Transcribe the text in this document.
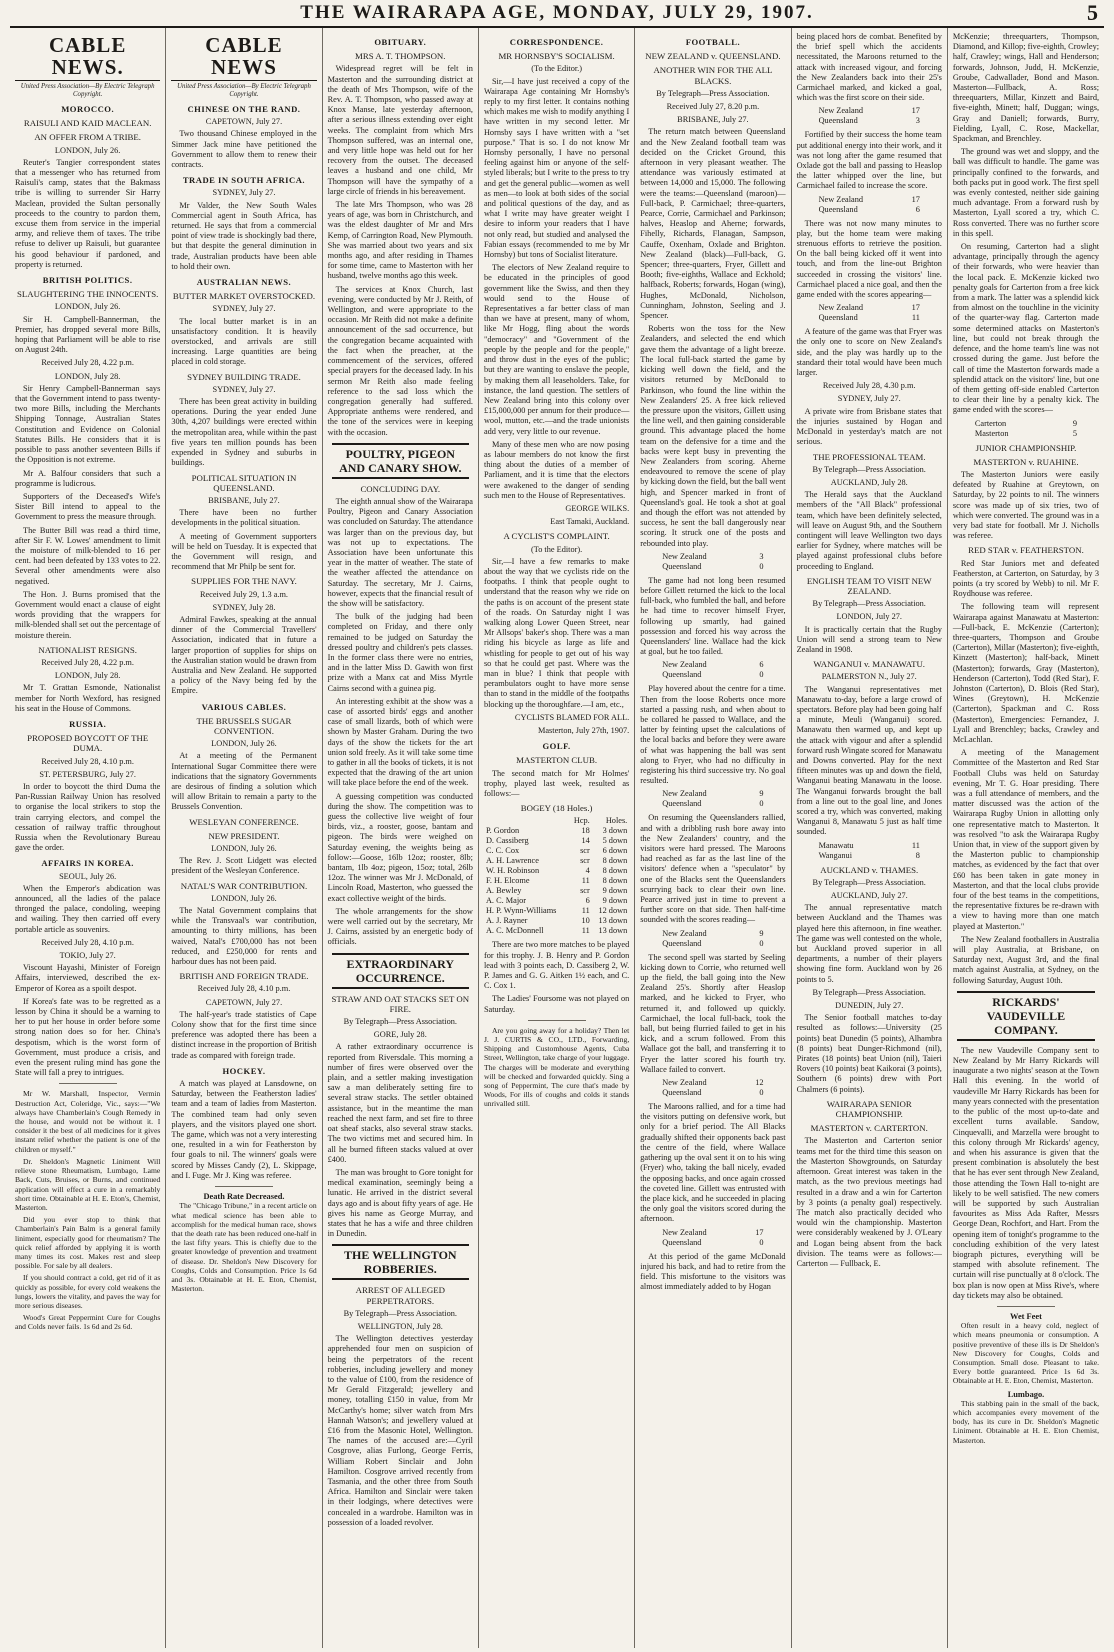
THE WAIRARAPA AGE, MONDAY, JULY 29, 1907.	5
CABLE NEWS.
United Press Association—By Electric Telegraph Copyright.
MOROCCO.
RAISULI AND KAID MACLEAN.
AN OFFER FROM A TRIBE.
LONDON, July 26.

Reuter's Tangier correspondent states that a messenger who has returned from Raisuli's camp, states that the Bakmass tribe is willing to surrender Sir Harry Maclean, provided the Sultan personally proceeds to the country to pardon them, excuse them from service in the imperial army, and relieve them of taxes. The tribe refuse to deliver up Raisuli, but guarantee his good behaviour if pardoned, and property is returned.

BRITISH POLITICS.
SLAUGHTERING THE INNOCENTS.
LONDON, July 26.

Sir H. Campbell-Bannerman, the Premier, has dropped several more Bills, hoping that Parliament will be able to rise on August 24th.

Received July 28, 4.22 p.m.
LONDON, July 28.

Sir Henry Campbell-Bannerman says that the Government intend to pass twenty-two more Bills, including the Merchants Shipping Tonnage, Australian States Constitution and Evidence on Colonial Statutes Bills. He considers that it is possible to pass another seventeen Bills if the Opposition is not extreme.

Mr A. Balfour considers that such a programme is ludicrous.

Supporters of the Deceased's Wife's Sister Bill intend to appeal to the Government to press the measure through.

The Butter Bill was read a third time, after Sir F. W. Lowes' amendment to limit the moisture of milk-blended to 16 per cent. had been defeated by 133 votes to 22. Several other amendments were also negatived.

The Hon. J. Burns promised that the Government would enact a clause of eight words providing that the wrappers for milk-blended shall set out the percentage of moisture therein.

NATIONALIST RESIGNS.
Received July 28, 4.22 p.m.
LONDON, July 28.

Mr T. Grattan Esmonde, Nationalist member for North Wexford, has resigned his seat in the House of Commons.

RUSSIA.
PROPOSED BOYCOTT OF THE DUMA.
Received July 28, 4.10 p.m.
ST. PETERSBURG, July 27.

In order to boycott the third Duma the Pan-Russian Railway Union has resolved to organise the local strikers to stop the train carrying electors, and compel the cessation of railway traffic throughout Russia when the Revolutionary Bureau gave the order.

AFFAIRS IN KOREA.
SEOUL, July 26.

When the Emperor's abdication was announced, all the ladies of the palace thronged the palace, condoling, weeping and wailing. They then carried off every portable article as souvenirs.

Received July 28, 4.10 p.m.
TOKIO, July 27.

Viscount Hayashi, Minister of Foreign Affairs, interviewed, described the ex-Emperor of Korea as a spoilt despot.

If Korea's fate was to be regretted as a lesson by China it should be a warning to her to put her house in order before some strong nation does so for her. China's despotism, which is the worst form of Government, must produce a crisis, and even the present ruling mind has gone the State will fall a prey to intrigues.

Mr W. Marshall, Inspector, Vermin Destruction Act, Coleridge, Vic., says:—"We always have Chamberlain's Cough Remedy in the house, and would not be without it. I consider it the best of all medicines for it gives instant relief whether the patient is one of the children or myself."

Dr. Sheldon's Magnetic Liniment Will relieve stone Rheumatism, Lumbago, Lame Back, Cuts, Bruises, or Burns, and continued application will effect a cure in a remarkably short time. Obtainable at H. E. Eton's, Chemist, Masterton.

Did you ever stop to think that Chamberlain's Pain Balm is a general family liniment, especially good for rheumatism? The quick relief afforded by applying it is worth many times its cost. Makes rest and sleep possible. For sale by all dealers.

If you should contract a cold, get rid of it as quickly as possible, for every cold weakens the lungs, lowers the vitality, and paves the way for more serious diseases.

Wood's Great Peppermint Cure for Coughs and Colds never fails. 1s 6d and 2s 6d.

CABLE NEWS
United Press Association—By Electric Telegraph Copyright.
CHINESE ON THE RAND.
CAPETOWN, July 27.

Two thousand Chinese employed in the Simmer Jack mine have petitioned the Government to allow them to renew their contracts.

TRADE IN SOUTH AFRICA.
SYDNEY, July 27.

Mr Valder, the New South Wales Commercial agent in South Africa, has returned. He says that from a commercial point of view trade is shockingly bad there, but that despite the general diminution in trade, Australian products have been able to hold their own.

AUSTRALIAN NEWS.
BUTTER MARKET OVERSTOCKED.
SYDNEY, July 27.

The local butter market is in an unsatisfactory condition. It is heavily overstocked, and arrivals are still increasing. Large quantities are being placed in cold storage.

SYDNEY BUILDING TRADE.
SYDNEY, July 27.

There has been great activity in building operations. During the year ended June 30th, 4,207 buildings were erected within the metropolitan area, while within the past five years ten million pounds has been expended in Sydney and suburbs in buildings.

POLITICAL SITUATION IN QUEENSLAND.
BRISBANE, July 27.

There have been no further developments in the political situation.

A meeting of Government supporters will be held on Tuesday. It is expected that the Government will resign, and recommend that Mr Philp be sent for.

SUPPLIES FOR THE NAVY.
Received July 29, 1.3 a.m.
SYDNEY, July 28.

Admiral Fawkes, speaking at the annual dinner of the Commercial Travellers' Association, indicated that in future a larger proportion of supplies for ships on the Australian station would be drawn from Australia and New Zealand. He supported a policy of the Navy being fed by the Empire.

VARIOUS CABLES.
THE BRUSSELS SUGAR CONVENTION.
LONDON, July 26.

At a meeting of the Permanent International Sugar Committee there were indications that the signatory Governments are desirous of finding a solution which will allow Britain to remain a party to the Brussels Convention.

WESLEYAN CONFERENCE.
NEW PRESIDENT.
LONDON, July 26.

The Rev. J. Scott Lidgett was elected president of the Wesleyan Conference.

NATAL'S WAR CONTRIBUTION.
LONDON, July 26.

The Natal Government complains that while the Transvaal's war contribution, amounting to thirty millions, has been waived, Natal's £700,000 has not been reduced, and £250,000 for rents and harbour dues has not been paid.

BRITISH AND FOREIGN TRADE.
Received July 28, 4.10 p.m.
CAPETOWN, July 27.

The half-year's trade statistics of Cape Colony show that for the first time since preference was adopted there has been a distinct increase in the proportion of British trade as compared with foreign trade.

HOCKEY.

A match was played at Lansdowne, on Saturday, between the Featherston ladies' team and a team of ladies from Masterton. The combined team had only seven players, and the visitors played one short. The game, which was not a very interesting one, resulted in a win for Featherston by four goals to nil. The winners' goals were scored by Misses Candy (2), L. Skippage, and I. Fuge. Mr J. King was referee.

Death Rate Decreased.

The "Chicago Tribune," in a recent article on what medical science has been able to accomplish for the medical human race, shows that the death rate has been reduced one-half in the last fifty years. This is chiefly due to the greater knowledge of prevention and treatment of disease. Dr. Sheldon's New Discovery for Coughs, Colds and Consumption. Price 1s 6d and 3s. Obtainable at H. E. Eton, Chemist, Masterton.

OBITUARY.
MRS A. T. THOMPSON.

Widespread regret will be felt in Masterton and the surrounding district at the death of Mrs Thompson, wife of the Rev. A. T. Thompson, who passed away at Knox Manse, late yesterday afternoon, after a serious illness extending over eight weeks. The complaint from which Mrs Thompson suffered, was an internal one, and very little hope was held out for her recovery from the outset. The deceased leaves a husband and one child, Mr Thompson will have the sympathy of a large circle of friends in his bereavement.

The late Mrs Thompson, who was 28 years of age, was born in Christchurch, and was the eldest daughter of Mr and Mrs Kemp, of Carrington Road, New Plymouth. She was married about two years and six months ago, and after residing in Thames for some time, came to Masterton with her husband, twelve months ago this week.

The services at Knox Church, last evening, were conducted by Mr J. Reith, of Wellington, and were appropriate to the occasion. Mr Reith did not make a definite announcement of the sad occurrence, but the congregation became acquainted with the fact when the preacher, at the commencement of the services, offered special prayers for the deceased lady. In his sermon Mr Reith also made feeling reference to the sad loss which the congregation generally had suffered. Appropriate anthems were rendered, and the tone of the services were in keeping with the occasion.

POULTRY, PIGEON AND CANARY SHOW.
CONCLUDING DAY.

The eighth annual show of the Wairarapa Poultry, Pigeon and Canary Association was concluded on Saturday. The attendance was larger than on the previous day, but was not up to expectations. The Association have been unfortunate this year in the matter of weather. The state of the weather affected the attendance on Saturday. The secretary, Mr J. Cairns, however, expects that the financial result of the show will be satisfactory.

The bulk of the judging had been completed on Friday, and there only remained to be judged on Saturday the dressed poultry and children's pets classes. In the former class there were no entries, and in the latter Miss D. Gawith won first prize with a Manx cat and Miss Myrtle Cairns second with a guinea pig.

An interesting exhibit at the show was a case of assorted birds' eggs and another case of small lizards, both of which were shown by Master Graham. During the two days of the show the tickets for the art union sold freely. As it will take some time to gather in all the books of tickets, it is not expected that the drawing of the art union will take place before the end of the week.

A guessing competition was conducted during the show. The competition was to guess the collective live weight of four birds, viz., a rooster, goose, bantam and pigeon. The birds were weighed on Saturday evening, the weights being as follow:—Goose, 16lb 12oz; rooster, 8lb; bantam, 1lb 4oz; pigeon, 15oz; total, 26lb 12oz. The winner was Mr J. McDonald, of Lincoln Road, Masterton, who guessed the exact collective weight of the birds.

The whole arrangements for the show were well carried out by the secretary, Mr J. Cairns, assisted by an energetic body of officials.

EXTRAORDINARY OCCURRENCE.
STRAW AND OAT STACKS SET ON FIRE.
By Telegraph—Press Association.
GORE, July 28.

A rather extraordinary occurrence is reported from Riversdale. This morning a number of fires were observed over the plain, and a settler making investigation saw a man deliberately setting fire to several straw stacks. The settler obtained assistance, but in the meantime the man reached the next farm, and set fire to three oat sheaf stacks, also several straw stacks. The two victims met and secured him. In all he burned fifteen stacks valued at over £400.

The man was brought to Gore tonight for medical examination, seemingly being a lunatic. He arrived in the district several days ago and is about fifty years of age. He gives his name as George Murray, and states that he has a wife and three children in Dunedin.

THE WELLINGTON ROBBERIES.
ARREST OF ALLEGED PERPETRATORS.
By Telegraph—Press Association.
WELLINGTON, July 28.

The Wellington detectives yesterday apprehended four men on suspicion of being the perpetrators of the recent robberies, including jewellery and money to the value of £100, from the residence of Mr Gerald Fitzgerald; jewellery and money, totalling £150 in value, from Mr McCarthy's home; silver watch from Mrs Hannah Watson's; and jewellery valued at £16 from the Masonic Hotel, Wellington. The names of the accused are:—Cyril Cosgrove, alias Furlong, George Ferris, William Robert Sinclair and John Hamilton. Cosgrove arrived recently from Tasmania, and the other three from South Africa. Hamilton and Sinclair were taken in their lodgings, where detectives were concealed in a wardrobe. Hamilton was in possession of a loaded revolver.

CORRESPONDENCE.
MR HORNSBY'S SOCIALISM.
(To the Editor.)

Sir,—I have just received a copy of the Wairarapa Age containing Mr Hornsby's reply to my first letter. It contains nothing which makes me wish to modify anything I have written in my second letter. Mr Hornsby says I have written with a "set purpose." That is so. I do not know Mr Hornsby personally, I have no personal feeling against him or anyone of the self-styled liberals; but I write to the press to try and get the general public—women as well as men—to look at both sides of the social and political questions of the day, and as what I write may have greater weight I desire to inform your readers that I have not only read, but studied and analysed the Fabian essays (recommended to me by Mr Hornsby) but tons of Socialist literature.

The electors of New Zealand require to be educated in the principles of good government like the Swiss, and then they would send to the House of Representatives a far better class of man than we have at present, many of whom, like Mr Hogg, fling about the words "democracy" and "Government of the people by the people and for the people," and throw dust in the eyes of the public; but they are wanting to enslave the people, by making them all leaseholders. Take, for instance, the land question. The settlers of New Zealand bring into this colony over £15,000,000 per annum for their produce—wool, mutton, etc.—and the trade unionists add very, very little to our revenue.

Many of these men who are now posing as labour members do not know the first thing about the duties of a member of Parliament, and it is time that the electors were awakened to the danger of sending such men to the House of Representatives.

GEORGE WILKS.
East Tamaki, Auckland.
A CYCLIST'S COMPLAINT.
(To the Editor).

Sir,—I have a few remarks to make about the way that we cyclists ride on the footpaths. I think that people ought to understand that the reason why we ride on the paths is on account of the present state of the roads. On Saturday night I was walking along Lower Queen Street, near Mr Allsops' baker's shop. There was a man riding his bicycle as large as life and whistling for people to get out of his way so that he could get past. Where was the man in blue? I think that people with perambulators ought to have more sense than to stand in the middle of the footpaths blocking up the thoroughfare.—I am, etc.,

CYCLISTS BLAMED FOR ALL.
Masterton, July 27th, 1907.
GOLF.
MASTERTON CLUB.

The second match for Mr Holmes' trophy, played last week, resulted as follows:—

BOGEY (18 Holes.)
	Hcp.	Holes.
P. Gordon	18	3 down
D. Cassiberg	14	5 down
C. C. Cox	scr	6 down
A. H. Lawrence	scr	8 down
W. H. Robinson	4	8 down
F. H. Elcome	11	8 down
A. Bewley	scr	9 down
A. C. Major	6	9 down
H. P. Wynn-Williams	11	12 down
A. J. Rayner	10	13 down
A. C. McDonnell	11	13 down

There are two more matches to be played for this trophy. J. B. Henry and P. Gordon lead with 3 points each, D. Cassiberg 2, W. P. James and G. G. Aitken 1½ each, and C. C. Cox 1.

The Ladies' Foursome was not played on Saturday.

Are you going away for a holiday? Then let J. J. CURTIS & CO., LTD., Forwarding, Shipping and Customhouse Agents, Cuba Street, Wellington, take charge of your luggage. The charges will be moderate and everything will be checked and forwarded quickly. Sing a song of Peppermint, The cure that's made by Woods, For ills of coughs and colds it stands unrivalled still.

FOOTBALL.
NEW ZEALAND v. QUEENSLAND.
ANOTHER WIN FOR THE ALL BLACKS.
By Telegraph—Press Association.
Received July 27, 8.20 p.m.
BRISBANE, July 27.

The return match between Queensland and the New Zealand football team was decided on the Cricket Ground, this afternoon in very pleasant weather. The attendance was variously estimated at between 14,000 and 15,000. The following were the teams:—Queensland (maroon)—Full-back, P. Carmichael; three-quarters, Pearce, Corrie, Carmichael and Parkinson; halves, Heaslop and Aherne; forwards, Fihelly, Richards, Flanagan, Sampson, Cauffe, Oxenham, Oxlade and Brighton. New Zealand (black)—Full-back, G. Spencer; three-quarters, Fryer, Gillett and Booth; five-eighths, Wallace and Eckhold; halfback, Roberts; forwards, Hogan (wing), Hughes, McDonald, Nicholson, Cunningham, Johnston, Seeling and J. Spencer.

Roberts won the toss for the New Zealanders, and selected the end which gave them the advantage of a light breeze. The local full-back started the game by kicking well down the field, and the visitors returned by McDonald to Parkinson, who found the line within the New Zealanders' 25. A free kick relieved the pressure upon the visitors, Gillett using the line well, and then gaining considerable ground. This advantage placed the home team on the defensive for a time and the backs were kept busy in preventing the New Zealanders from scoring. Aherne endeavoured to remove the scene of play by kicking down the field, but the ball went high, and Spencer marked in front of Queensland's goal. He took a shot at goal and though the effort was not attended by success, he sent the ball dangerously near scoring. It struck one of the posts and rebounded into play.

New Zealand	3
Queensland	0

The game had not long been resumed before Gillett returned the kick to the local full-back, who fumbled the ball, and before he had time to recover himself Fryer, following up smartly, had gained possession and forced his way across the Queenslanders' line. Wallace had the kick at goal, but he too failed.

New Zealand	6
Queensland	0

Play hovered about the centre for a time. Then from the loose Roberts once more started a passing rush, and when about to be collared he passed to Wallace, and the latter by feinting upset the calculations of the local backs and before they were aware of what was happening the ball was sent along to Fryer, who had no difficulty in registering his third successive try. No goal resulted.

New Zealand	9
Queensland	0

On resuming the Queenslanders rallied, and with a dribbling rush bore away into the New Zealanders' country, and the visitors were hard pressed. The Maroons had reached as far as the last line of the visitors' defence when a "speculator" by one of the Blacks sent the Queenslanders scurrying back to clear their own line. Pearce arrived just in time to prevent a further score on that side. Then half-time sounded with the scores reading—

New Zealand	9
Queensland	0

The second spell was started by Seeling kicking down to Corrie, who returned well up the field, the ball going into the New Zealand 25's. Shortly after Heaslop marked, and he kicked to Fryer, who returned it, and followed up quickly. Carmichael, the local full-back, took the ball, but being flurried failed to get in his kick, and a scrum followed. From this Wallace got the ball, and transferring it to Fryer the latter scored his fourth try. Wallace failed to convert.

New Zealand	12
Queensland	0

The Maroons rallied, and for a time had the visitors putting on defensive work, but only for a brief period. The All Blacks gradually shifted their opponents back past the centre of the field, where Wallace gathering up the oval sent it on to his wing (Fryer) who, taking the ball nicely, evaded the opposing backs, and once again crossed the coveted line. Gillett was entrusted with the place kick, and he succeeded in placing the only goal the visitors scored during the afternoon.

New Zealand	17
Queensland	0

At this period of the game McDonald injured his back, and had to retire from the field. This misfortune to the visitors was almost immediately added to by Hogan

being placed hors de combat. Benefited by the brief spell which the accidents necessitated, the Maroons returned to the attack with increased vigour, and forcing the New Zealanders back into their 25's Carmichael marked, and kicked a goal, which was the first score on their side.

New Zealand	17
Queensland	3

Fortified by their success the home team put additional energy into their work, and it was not long after the game resumed that Oxlade got the ball and passing to Heaslop the latter whipped over the line, but Carmichael failed to increase the score.

New Zealand	17
Queensland	6

There was not now many minutes to play, but the home team were making strenuous efforts to retrieve the position. On the ball being kicked off it went into touch, and from the line-out Brighton succeeded in crossing the visitors' line. Carmichael placed a nice goal, and then the game ended with the scores appearing—

New Zealand	17
Queensland	11

A feature of the game was that Fryer was the only one to score on New Zealand's side, and the play was hardly up to the standard their total would have been much larger.

Received July 28, 4.30 p.m.
SYDNEY, July 27.

A private wire from Brisbane states that the injuries sustained by Hogan and McDonald in yesterday's match are not serious.

THE PROFESSIONAL TEAM.
By Telegraph—Press Association.
AUCKLAND, July 28.

The Herald says that the Auckland members of the "All Black" professional team, which have been definitely selected, will leave on August 9th, and the Southern contingent will leave Wellington two days earlier for Sydney, where matches will be played against professional clubs before proceeding to England.

ENGLISH TEAM TO VISIT NEW ZEALAND.
By Telegraph—Press Association.
LONDON, July 27.

It is practically certain that the Rugby Union will send a strong team to New Zealand in 1908.

WANGANUI v. MANAWATU.
PALMERSTON N., July 27.

The Wanganui representatives met Manawatu to-day, before a large crowd of spectators. Before play had been going half a minute, Meuli (Wanganui) scored. Manawatu then warmed up, and kept up the attack with vigour and after a splendid forward rush Wingate scored for Manawatu and Downs converted. Play for the next fifteen minutes was up and down the field, Wanganui beating Manawatu in the loose. The Wanganui forwards brought the ball from a line out to the goal line, and Jones scored a try, which was converted, making Wanganui 8, Manawatu 5 just as half time sounded.

Manawatu	11
Wanganui	8
AUCKLAND v. THAMES.
By Telegraph—Press Association.
AUCKLAND, July 27.

The annual representative match between Auckland and the Thames was played here this afternoon, in fine weather. The game was well contested on the whole, but Auckland proved superior in all departments, a number of their players showing fine form. Auckland won by 26 points to 5.

By Telegraph—Press Association.
DUNEDIN, July 27.

The Senior football matches to-day resulted as follows:—University (25 points) beat Dunedin (5 points), Alhambra (8 points) beat Dunger-Richmond (nil), Pirates (18 points) beat Union (nil), Taieri Rovers (10 points) beat Kaikorai (3 points), Southern (6 points) drew with Port Chalmers (6 points).

WAIRARAPA SENIOR CHAMPIONSHIP.
MASTERTON v. CARTERTON.

The Masterton and Carterton senior teams met for the third time this season on the Masterton Showgrounds, on Saturday afternoon. Great interest was taken in the match, as the two previous meetings had resulted in a draw and a win for Carterton by 3 points (a penalty goal) respectively. The match also practically decided who would win the championship. Masterton were considerably weakened by J. O'Leary and Logan being absent from the back division. The teams were as follows:—Carterton — Fullback, E.

McKenzie; threequarters, Thompson, Diamond, and Killop; five-eighth, Crowley; half, Crawley; wings, Hall and Henderson; forwards, Johnson, Judd, H. McKenzie, Groube, Cadwallader, Bond and Mason. Masterton—Fullback, A. Ross; threequarters, Millar, Kinzett and Baird, five-eighth, Minett; half, Duggan; wings, Gray and Daniell; forwards, Burry, Fielding, Lyall, C. Rose, Mackellar, Spackman, and Brenchley.

The ground was wet and sloppy, and the ball was difficult to handle. The game was principally confined to the forwards, and both packs put in good work. The first spell was evenly contested, neither side gaining much advantage. From a forward rush by Masterton, Lyall scored a try, which C. Ross converted. There was no further score in this spell.

On resuming, Carterton had a slight advantage, principally through the agency of their forwards, who were heavier than the local pack. E. McKenzie kicked two penalty goals for Carterton from a free kick from a mark. The latter was a splendid kick from almost on the touchline in the vicinity of the quarter-way flag. Carterton made some determined attacks on Masterton's line, but could not break through the defence, and the home team's line was not crossed during the game. Just before the call of time the Masterton forwards made a splendid attack on the visitors' line, but one of them getting off-side enabled Carterton to clear their line by a penalty kick. The game ended with the scores—

Carterton	9
Masterton	5
JUNIOR CHAMPIONSHIP.
MASTERTON v. RUAHINE.

The Masterton Juniors were easily defeated by Ruahine at Greytown, on Saturday, by 22 points to nil. The winners score was made up of six tries, two of which were converted. The ground was in a very bad state for football. Mr J. Nicholls was referee.

RED STAR v. FEATHERSTON.

Red Star Juniors met and defeated Featherston, at Carterton, on Saturday, by 3 points (a try scored by Webb) to nil. Mr F. Roydhouse was referee.

The following team will represent Wairarapa against Manawatu at Masterton:—Full-back, E. McKenzie (Carterton); three-quarters, Thompson and Groube (Carterton), Millar (Masterton); five-eighth, Kinzett (Masterton); half-back, Minett (Masterton); forwards, Gray (Masterton), Henderson (Carterton), Todd (Red Star), F. Johnston (Carterton), D. Blois (Red Star), Wines (Greytown), H. McKenzie (Carterton), Spackman and C. Ross (Masterton), Emergencies: Fernandez, J. Lyall and Brenchley; backs, Crawley and McLachlan.

A meeting of the Management Committee of the Masterton and Red Star Football Clubs was held on Saturday evening, Mr T. G. Hoar presiding. There was a full attendance of members, and the matter discussed was the action of the Wairarapa Rugby Union in allotting only one representative match to Masterton. It was resolved "to ask the Wairarapa Rugby Union that, in view of the support given by the Masterton public to championship matches, as evidenced by the fact that over £60 has been taken in gate money in Masterton, and that the local clubs provide four of the best teams in the competitions, the representative fixtures be re-drawn with a view to having more than one match played at Masterton."

The New Zealand footballers in Australia will play Australia, at Brisbane, on Saturday next, August 3rd, and the final match against Australia, at Sydney, on the following Saturday, August 10th.

RICKARDS' VAUDEVILLE COMPANY.

The new Vaudeville Company sent to New Zealand by Mr Harry Rickards will inaugurate a two nights' season at the Town Hall this evening. In the world of vaudeville Mr Harry Rickards has been for many years connected with the presentation to the public of the most up-to-date and excellent turns available. Sandow, Cinquevalli, and Marzella were brought to this colony through Mr Rickards' agency, and when his assurance is given that the present combination is absolutely the best that he has ever sent through New Zealand, those attending the Town Hall to-night are likely to be well satisfied. The new comers will be supported by such Australian favourites as Miss Ada Rafter, Messrs George Dean, Rochfort, and Hart. From the opening item of tonight's programme to the concluding exhibition of the very latest biograph pictures, everything will be stamped with absolute refinement. The curtain will rise punctually at 8 o'clock. The box plan is now open at Miss Rive's, where day tickets may also be obtained.

Wet Feet

Often result in a heavy cold, neglect of which means pneumonia or consumption. A positive preventive of these ills is Dr Sheldon's New Discovery for Coughs, Colds and Consumption. Small dose. Pleasant to take. Every bottle guaranteed. Price 1s 6d 3s. Obtainable at H. E. Eton, Chemist, Masterton.

Lumbago.

This stabbing pain in the small of the back, which accompanies every movement of the body, has its cure in Dr. Sheldon's Magnetic Liniment. Obtainable at H. E. Eton Chemist, Masterton.
